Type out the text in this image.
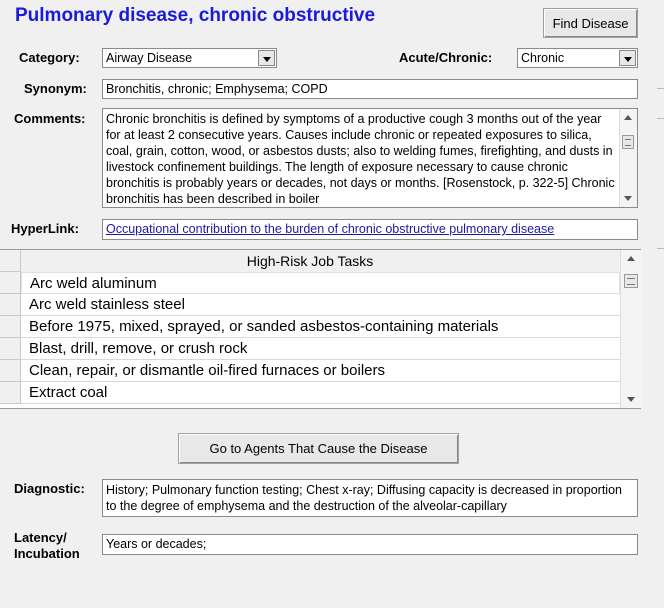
Pulmonary disease, chronic obstructive	Find Disease
Category:	Airway Disease	Acute/Chronic:	Chronic
Synonym:	Bronchitis, chronic; Emphysema; COPD
Comments:	Chronic bronchitis is defined by symptoms of a productive cough 3 months out of the year for at least 2 consecutive years. Causes include chronic or repeated exposures to silica, coal, grain, cotton, wood, or asbestos dusts; also to welding fumes, firefighting, and dusts in livestock confinement buildings. The length of exposure necessary to cause chronic bronchitis is probably years or decades, not days or months. [Rosenstock, p. 322-5] Chronic bronchitis has been described in boiler
HyperLink:	Occupational contribution to the burden of chronic obstructive pulmonary disease
High-Risk Job Tasks
Arc weld aluminum
Arc weld stainless steel
Before 1975, mixed, sprayed, or sanded asbestos-containing materials
Blast, drill, remove, or crush rock
Clean, repair, or dismantle oil-fired furnaces or boilers
Extract coal
Go to Agents That Cause the Disease
Diagnostic:	History; Pulmonary function testing; Chest x-ray; Diffusing capacity is decreased in proportion to the degree of emphysema and the destruction of the alveolar-capillary
Latency/
Incubation
Years or decades;
